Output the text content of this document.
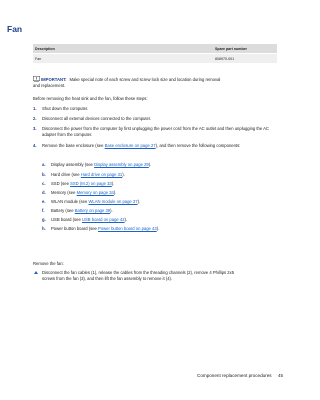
Fan
Description	Spare part number
Fan	808970-001
IMPORTANT: Make special note of each screw and screw lock size and location during removal
and replacement.
Before removing the heat sink and the fan, follow these steps:
1. Shut down the computer.
2. Disconnect all external devices connected to the computer.
3. Disconnect the power from the computer by first unplugging the power cord from the AC outlet and then unplugging the AC adapter from the computer.
4. Remove the base enclosure (see Base enclosure on page 27), and then remove the following components:
a. Display assembly (see Display assembly on page 29).
b. Hard drive (see Hard drive on page 31).
c. SSD (see SSD (M.2) on page 33).
d. Memory (see Memory on page 34).
e. WLAN module (see WLAN module on page 37).
f. Battery (see Battery on page 39).
g. USB board (see USB board on page 42).
h. Power button board (see Power button board on page 43).
Remove the fan:
Disconnect the fan cables (1), release the cables from the threading channels (2), remove 4 Phillips 2x5
screws from the fan (3), and then lift the fan assembly to remove it (4).
Component replacement procedures 45
